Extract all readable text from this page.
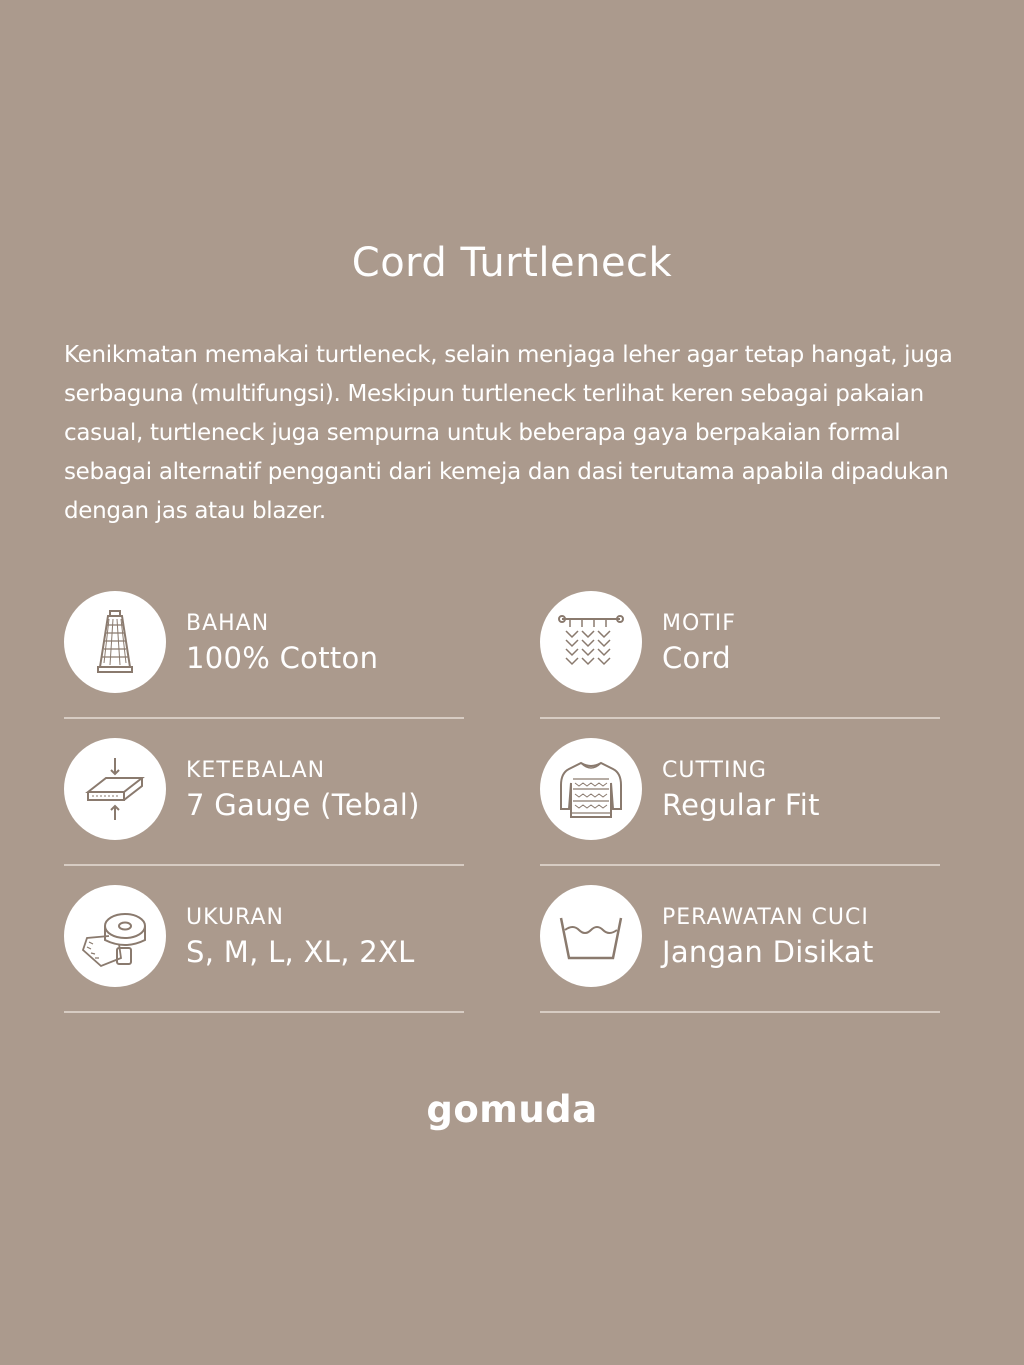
Cord Turtleneck
Kenikmatan memakai turtleneck, selain menjaga leher agar tetap hangat, juga serbaguna (multifungsi). Meskipun turtleneck terlihat keren sebagai pakaian casual, turtleneck juga sempurna untuk beberapa gaya berpakaian formal sebagai alternatif pengganti dari kemeja dan dasi terutama apabila dipadukan dengan jas atau blazer.
BAHAN
100% Cotton
MOTIF
Cord
KETEBALAN
7 Gauge (Tebal)
CUTTING
Regular Fit
UKURAN
S, M, L, XL, 2XL
PERAWATAN CUCI
Jangan Disikat
gomuda
